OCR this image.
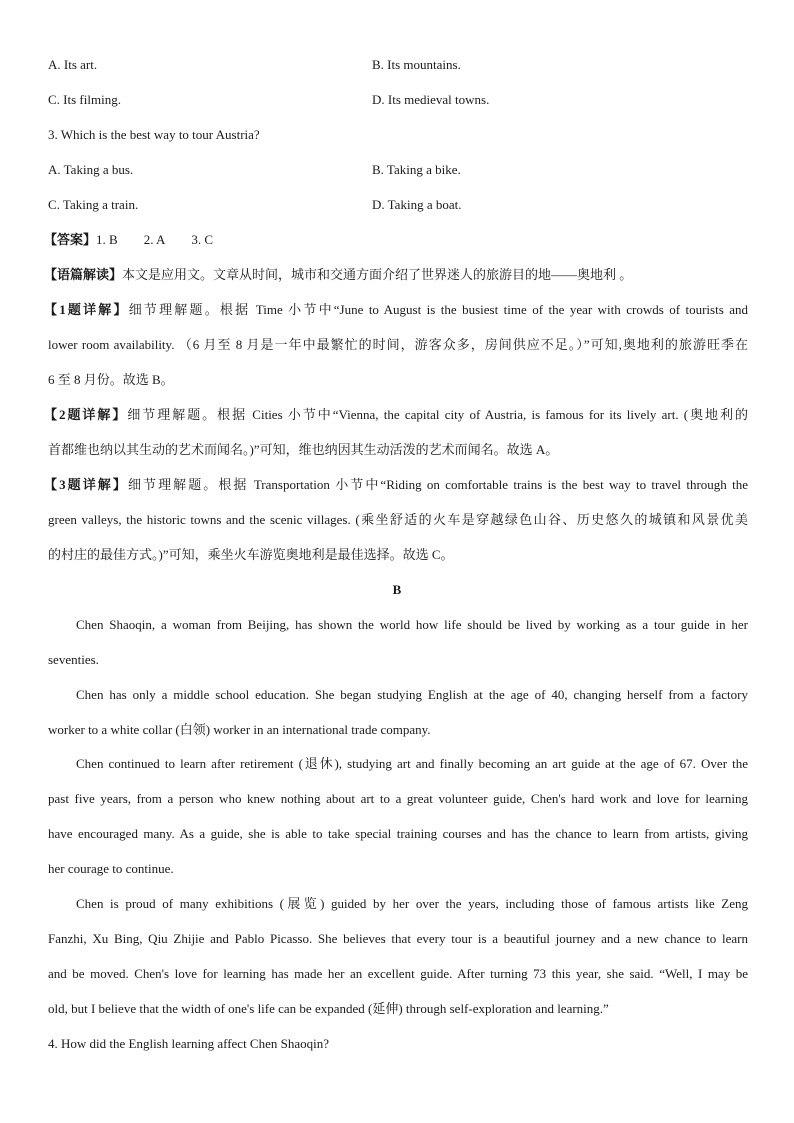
A. Its art.	B. Its mountains.
C. Its filming.	D. Its medieval towns.
3. Which is the best way to tour Austria?
A. Taking a bus.	B. Taking a bike.
C. Taking a train.	D. Taking a boat.
【答案】1. B 2. A 3. C
【语篇解读】本文是应用文。文章从时间，城市和交通方面介绍了世界迷人的旅游目的地——奥地利 。
【1题详解】细节理解题。根据 Time 小节中“June to August is the busiest time of the year with crowds of tourists and
lower room availability. （6 月至 8 月是一年中最繁忙的时间，游客众多，房间供应不足。）”可知,奥地利的旅游旺季在
6 至 8 月份。故选 B。
【2题详解】细节理解题。根据 Cities 小节中“Vienna, the capital city of Austria, is famous for its lively art. (奥地利的
首都维也纳以其生动的艺术而闻名。)”可知，维也纳因其生动活泼的艺术而闻名。故选 A。
【3题详解】细节理解题。根据 Transportation 小节中“Riding on comfortable trains is the best way to travel through the
green valleys, the historic towns and the scenic villages. (乘坐舒适的火车是穿越绿色山谷、历史悠久的城镇和风景优美
的村庄的最佳方式。)”可知，乘坐火车游览奥地利是最佳选择。故选 C。
B
Chen Shaoqin, a woman from Beijing, has shown the world how life should be lived by working as a tour guide in her
seventies.
Chen has only a middle school education. She began studying English at the age of 40, changing herself from a factory
worker to a white collar (白领) worker in an international trade company.
Chen continued to learn after retirement (退休), studying art and finally becoming an art guide at the age of 67. Over the
past five years, from a person who knew nothing about art to a great volunteer guide, Chen's hard work and love for learning
have encouraged many. As a guide, she is able to take special training courses and has the chance to learn from artists, giving
her courage to continue.
Chen is proud of many exhibitions (展览) guided by her over the years, including those of famous artists like Zeng
Fanzhi, Xu Bing, Qiu Zhijie and Pablo Picasso. She believes that every tour is a beautiful journey and a new chance to learn
and be moved. Chen's love for learning has made her an excellent guide. After turning 73 this year, she said. “Well, I may be
old, but I believe that the width of one's life can be expanded (延伸) through self-exploration and learning.”
4. How did the English learning affect Chen Shaoqin?
